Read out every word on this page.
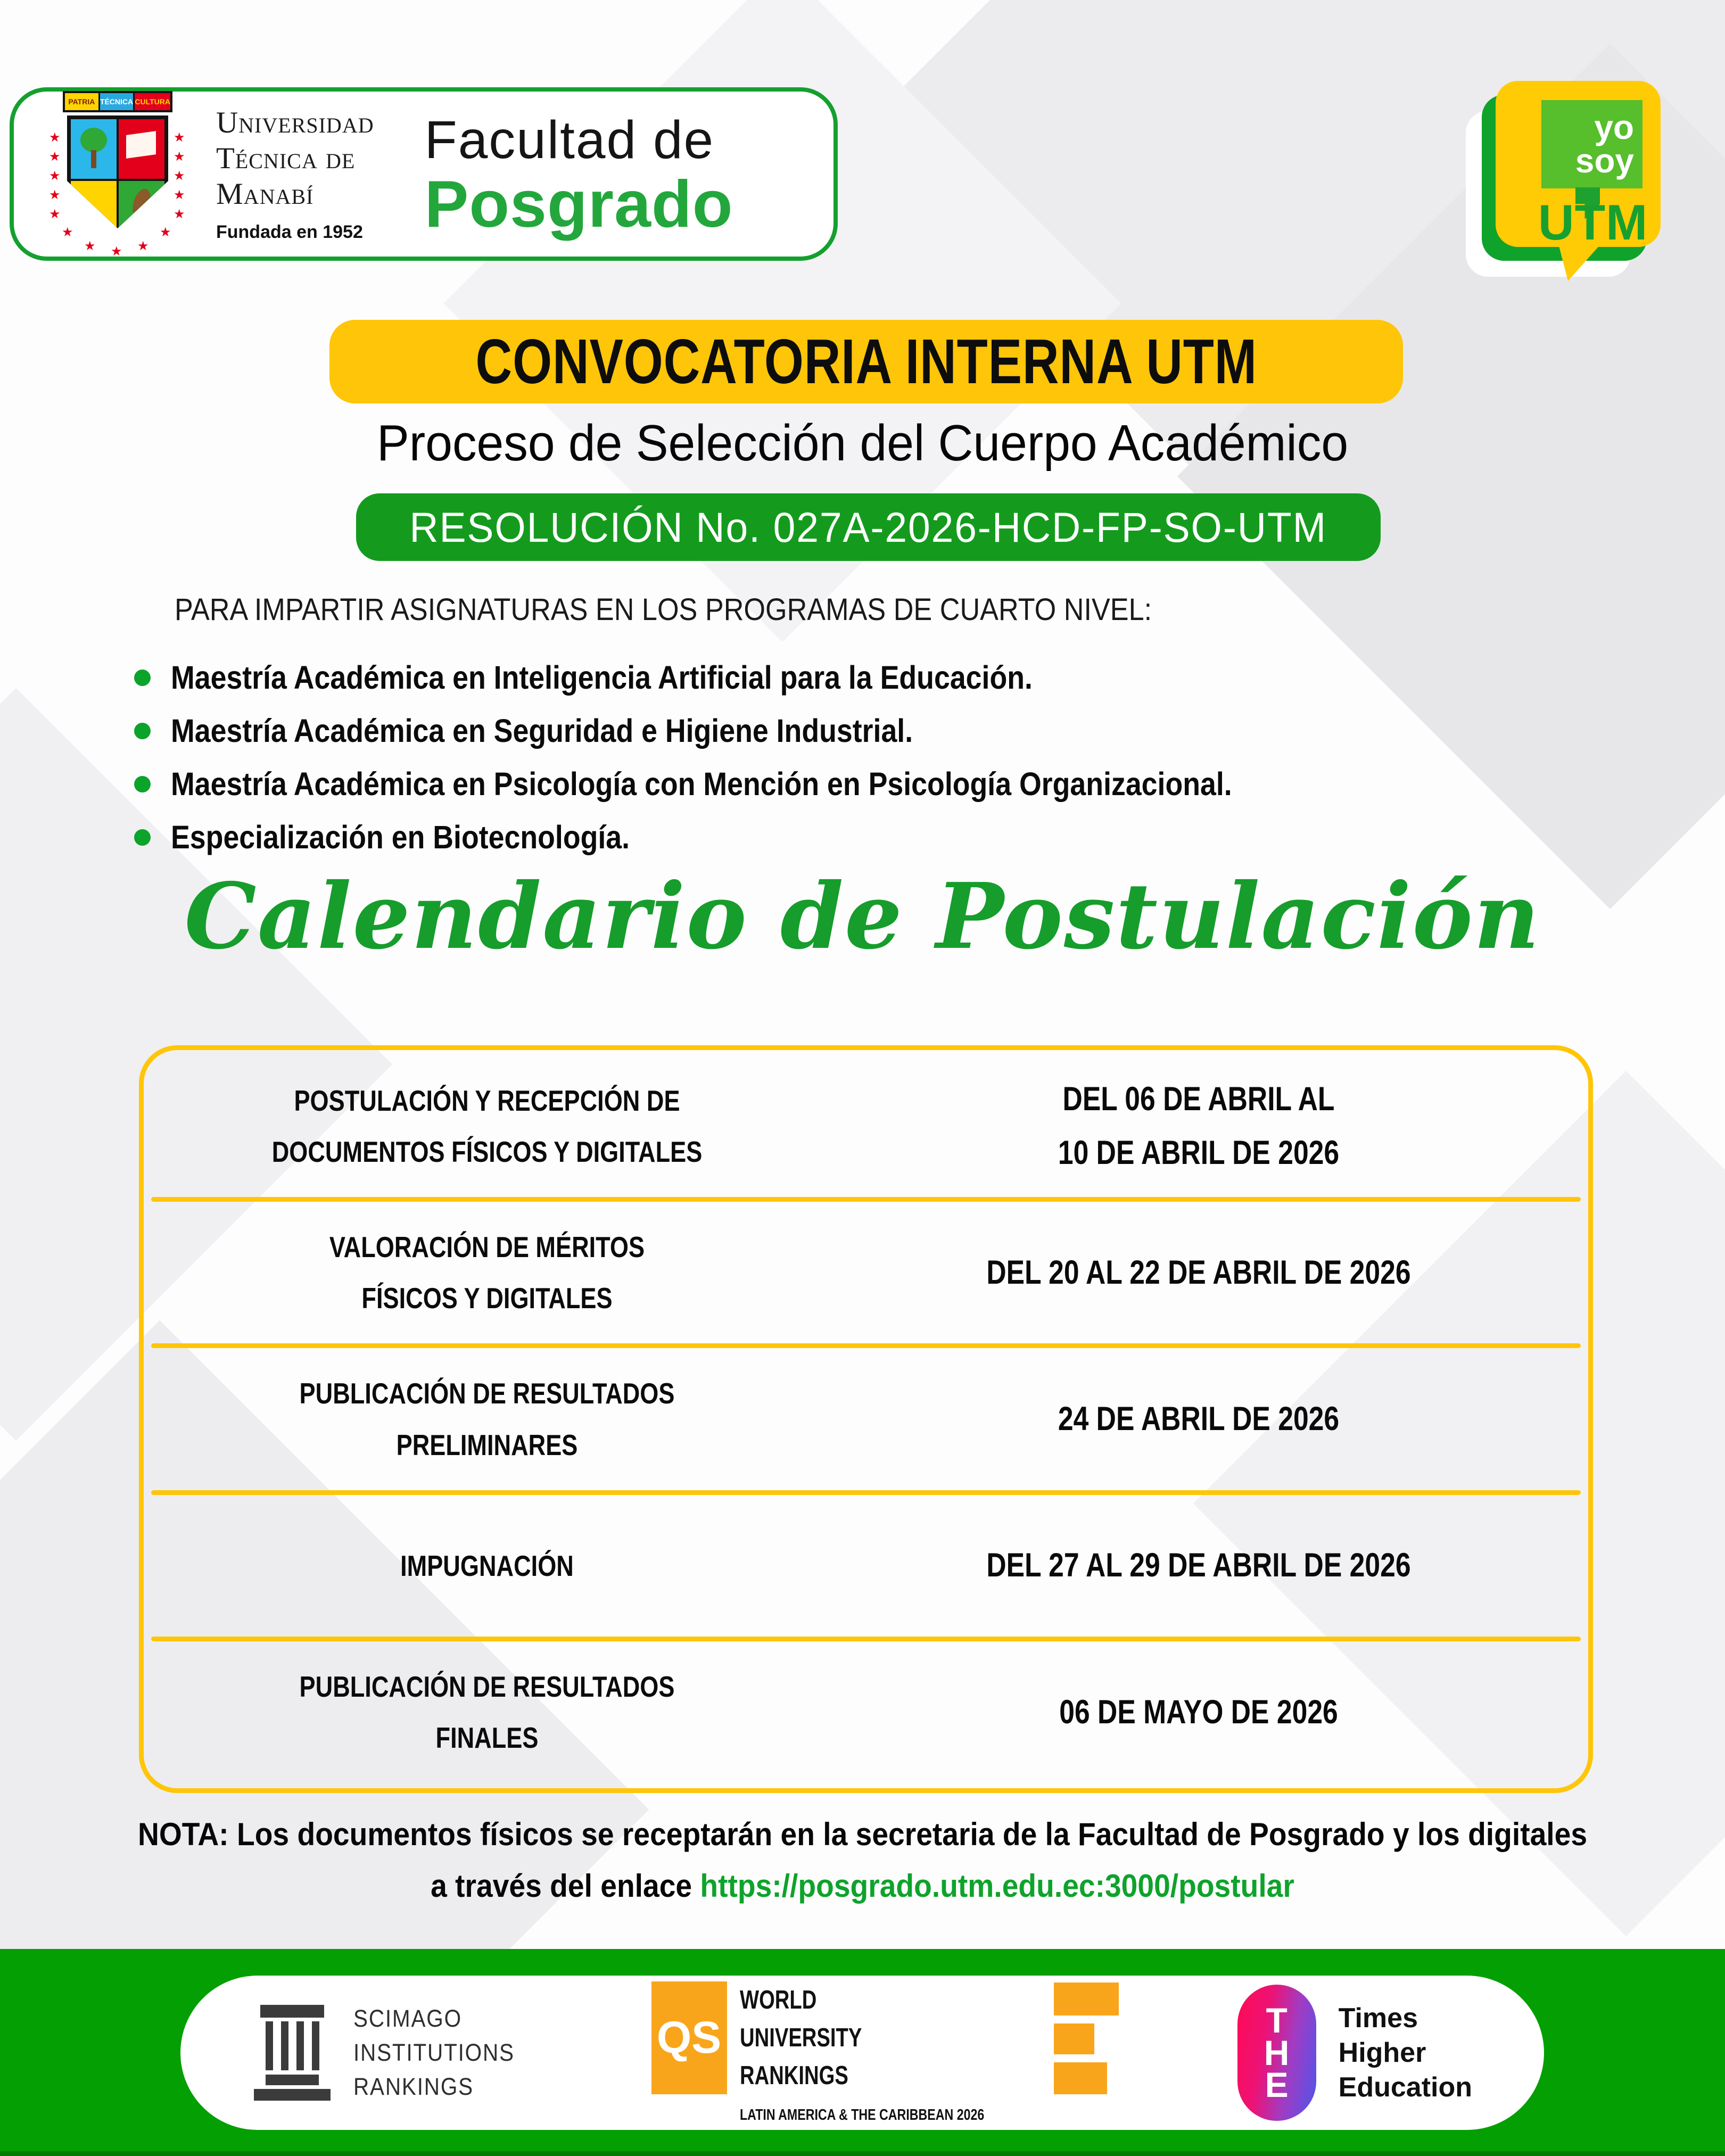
PATRIA TÉCNICA CULTURA
★
★
★
★
★
★
★
★
★
★
★
★ ★ ★
★
Universidad
Técnica de
Manabí
Fundada en 1952
Facultad de
Posgrado
yo
soy
UTM
CONVOCATORIA INTERNA UTM
Proceso de Selección del Cuerpo Académico
RESOLUCIÓN No. 027A-2026-HCD-FP-SO-UTM
PARA IMPARTIR ASIGNATURAS EN LOS PROGRAMAS DE CUARTO NIVEL:
Maestría Académica en Inteligencia Artificial para la Educación.
Maestría Académica en Seguridad e Higiene Industrial.
Maestría Académica en Psicología con Mención en Psicología Organizacional.
Especialización en Biotecnología.
Calendario de Postulación
POSTULACIÓN Y RECEPCIÓN DE
DOCUMENTOS FÍSICOS Y DIGITALES
DEL 06 DE ABRIL AL
10 DE ABRIL DE 2026
VALORACIÓN DE MÉRITOS
FÍSICOS Y DIGITALES
DEL 20 AL 22 DE ABRIL DE 2026
PUBLICACIÓN DE RESULTADOS
PRELIMINARES
24 DE ABRIL DE 2026
IMPUGNACIÓN	DEL 27 AL 29 DE ABRIL DE 2026
PUBLICACIÓN DE RESULTADOS
FINALES
06 DE MAYO DE 2026
NOTA: Los documentos físicos se receptarán en la secretaria de la Facultad de Posgrado y los digitales a través del enlace https://posgrado.utm.edu.ec:3000/postular
SCIMAGO
INSTITUTIONS
RANKINGS
QS
WORLD
UNIVERSITY
RANKINGS
LATIN AMERICA & THE CARIBBEAN 2026
T
H
E
Times
Higher
Education
